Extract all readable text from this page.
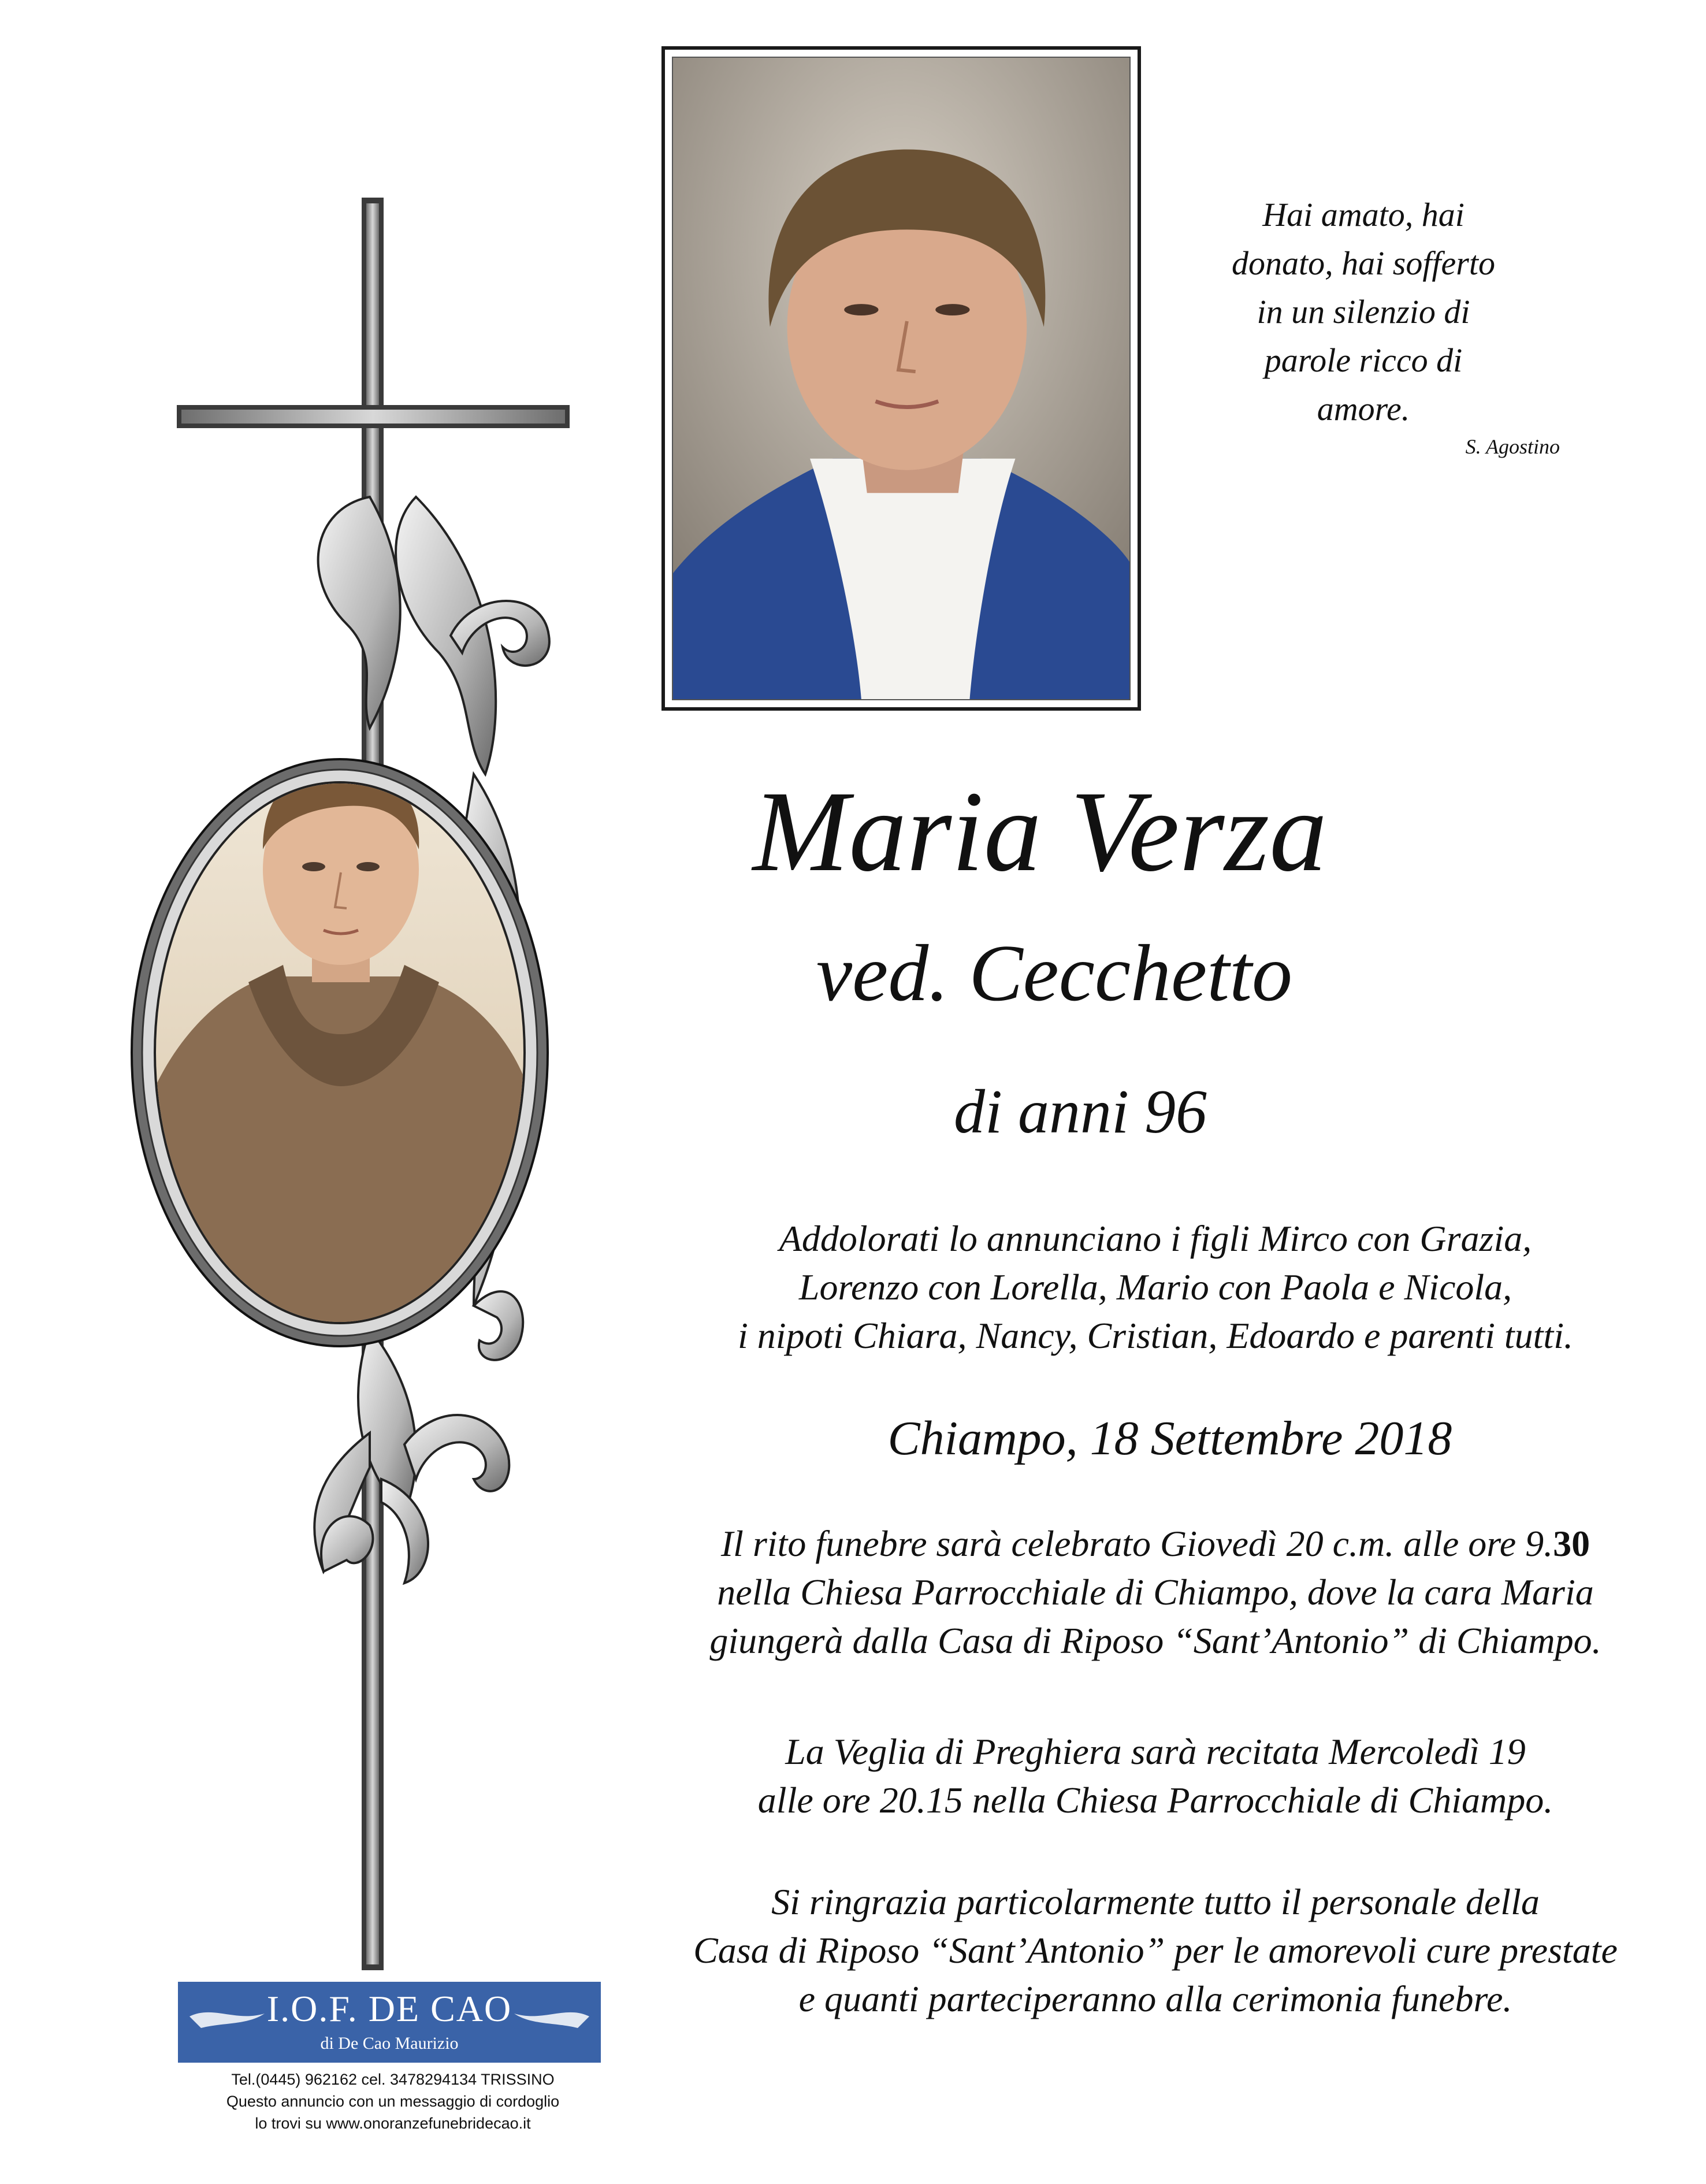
Hai amato, hai
donato, hai sofferto
in un silenzio di
parole ricco di
amore.
S. Agostino
Maria Verza
ved. Cecchetto
di anni 96
Addolorati lo annunciano i figli Mirco con Grazia,
Lorenzo con Lorella, Mario con Paola e Nicola,
i nipoti Chiara, Nancy, Cristian, Edoardo e parenti tutti.
Chiampo, 18 Settembre 2018
Il rito funebre sarà celebrato Giovedì 20 c.m. alle ore 9.30
nella Chiesa Parrocchiale di Chiampo, dove la cara Maria
giungerà dalla Casa di Riposo “Sant’Antonio” di Chiampo.
La Veglia di Preghiera sarà recitata Mercoledì 19
alle ore 20.15 nella Chiesa Parrocchiale di Chiampo.
Si ringrazia particolarmente tutto il personale della
Casa di Riposo “Sant’Antonio” per le amorevoli cure prestate
e quanti parteciperanno alla cerimonia funebre.
I.O.F. DE CAO
di De Cao Maurizio
Tel.(0445) 962162 cel. 3478294134 TRISSINO
Questo annuncio con un messaggio di cordoglio
lo trovi su www.onoranzefunebridecao.it
